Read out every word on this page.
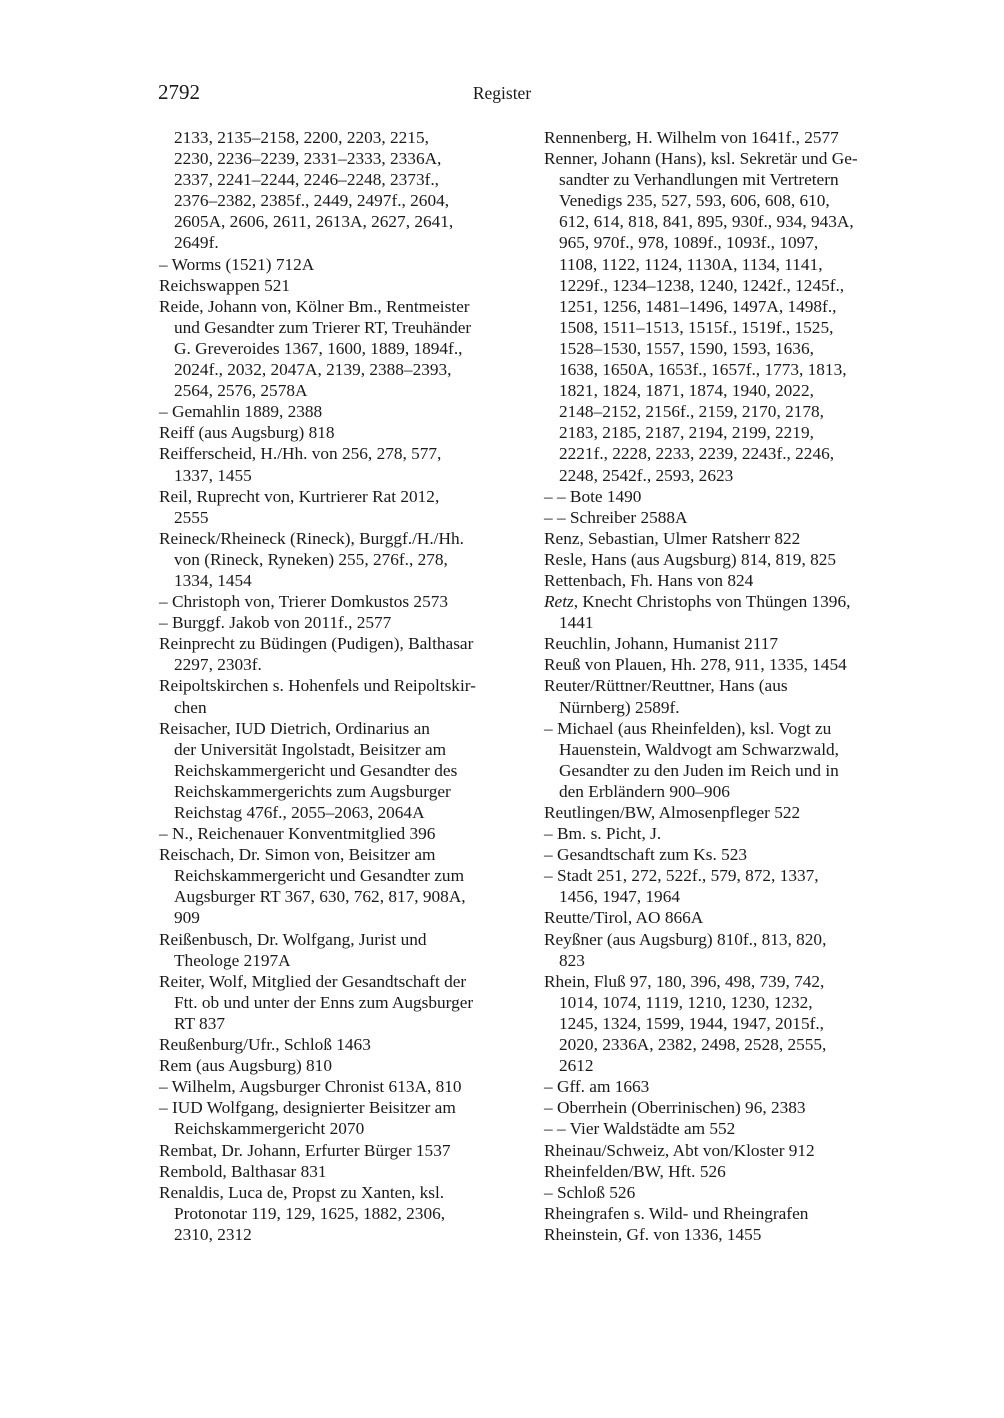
2792	Register
2133, 2135–2158, 2200, 2203, 2215,
2230, 2236–2239, 2331–2333, 2336A,
2337, 2241–2244, 2246–2248, 2373f.,
2376–2382, 2385f., 2449, 2497f., 2604,
2605A, 2606, 2611, 2613A, 2627, 2641,
2649f.
– Worms (1521) 712A
Reichswappen 521
Reide, Johann von, Kölner Bm., Rentmeister
und Gesandter zum Trierer RT, Treuhänder
G. Greveroides 1367, 1600, 1889, 1894f.,
2024f., 2032, 2047A, 2139, 2388–2393,
2564, 2576, 2578A
– Gemahlin 1889, 2388
Reiff (aus Augsburg) 818
Reifferscheid, H./Hh. von 256, 278, 577,
1337, 1455
Reil, Ruprecht von, Kurtrierer Rat 2012,
2555
Reineck/Rheineck (Rineck), Burggf./H./Hh.
von (Rineck, Ryneken) 255, 276f., 278,
1334, 1454
– Christoph von, Trierer Domkustos 2573
– Burggf. Jakob von 2011f., 2577
Reinprecht zu Büdingen (Pudigen), Balthasar
2297, 2303f.
Reipoltskirchen s. Hohenfels und Reipoltskir-
chen
Reisacher, IUD Dietrich, Ordinarius an
der Universität Ingolstadt, Beisitzer am
Reichskammergericht und Gesandter des
Reichskammergerichts zum Augsburger
Reichstag 476f., 2055–2063, 2064A
– N., Reichenauer Konventmitglied 396
Reischach, Dr. Simon von, Beisitzer am
Reichskammergericht und Gesandter zum
Augsburger RT 367, 630, 762, 817, 908A,
909
Reißenbusch, Dr. Wolfgang, Jurist und
Theologe 2197A
Reiter, Wolf, Mitglied der Gesandtschaft der
Ftt. ob und unter der Enns zum Augsburger
RT 837
Reußenburg/Ufr., Schloß 1463
Rem (aus Augsburg) 810
– Wilhelm, Augsburger Chronist 613A, 810
– IUD Wolfgang, designierter Beisitzer am
Reichskammergericht 2070
Rembat, Dr. Johann, Erfurter Bürger 1537
Rembold, Balthasar 831
Renaldis, Luca de, Propst zu Xanten, ksl.
Protonotar 119, 129, 1625, 1882, 2306,
2310, 2312
Rennenberg, H. Wilhelm von 1641f., 2577
Renner, Johann (Hans), ksl. Sekretär und Ge-
sandter zu Verhandlungen mit Vertretern
Venedigs 235, 527, 593, 606, 608, 610,
612, 614, 818, 841, 895, 930f., 934, 943A,
965, 970f., 978, 1089f., 1093f., 1097,
1108, 1122, 1124, 1130A, 1134, 1141,
1229f., 1234–1238, 1240, 1242f., 1245f.,
1251, 1256, 1481–1496, 1497A, 1498f.,
1508, 1511–1513, 1515f., 1519f., 1525,
1528–1530, 1557, 1590, 1593, 1636,
1638, 1650A, 1653f., 1657f., 1773, 1813,
1821, 1824, 1871, 1874, 1940, 2022,
2148–2152, 2156f., 2159, 2170, 2178,
2183, 2185, 2187, 2194, 2199, 2219,
2221f., 2228, 2233, 2239, 2243f., 2246,
2248, 2542f., 2593, 2623
– – Bote 1490
– – Schreiber 2588A
Renz, Sebastian, Ulmer Ratsherr 822
Resle, Hans (aus Augsburg) 814, 819, 825
Rettenbach, Fh. Hans von 824
Retz, Knecht Christophs von Thüngen 1396,
1441
Reuchlin, Johann, Humanist 2117
Reuß von Plauen, Hh. 278, 911, 1335, 1454
Reuter/Rüttner/Reuttner, Hans (aus
Nürnberg) 2589f.
– Michael (aus Rheinfelden), ksl. Vogt zu
Hauenstein, Waldvogt am Schwarzwald,
Gesandter zu den Juden im Reich und in
den Erbländern 900–906
Reutlingen/BW, Almosenpfleger 522
– Bm. s. Picht, J.
– Gesandtschaft zum Ks. 523
– Stadt 251, 272, 522f., 579, 872, 1337,
1456, 1947, 1964
Reutte/Tirol, AO 866A
Reyßner (aus Augsburg) 810f., 813, 820,
823
Rhein, Fluß 97, 180, 396, 498, 739, 742,
1014, 1074, 1119, 1210, 1230, 1232,
1245, 1324, 1599, 1944, 1947, 2015f.,
2020, 2336A, 2382, 2498, 2528, 2555,
2612
– Gff. am 1663
– Oberrhein (Oberrinischen) 96, 2383
– – Vier Waldstädte am 552
Rheinau/Schweiz, Abt von/Kloster 912
Rheinfelden/BW, Hft. 526
– Schloß 526
Rheingrafen s. Wild- und Rheingrafen
Rheinstein, Gf. von 1336, 1455
